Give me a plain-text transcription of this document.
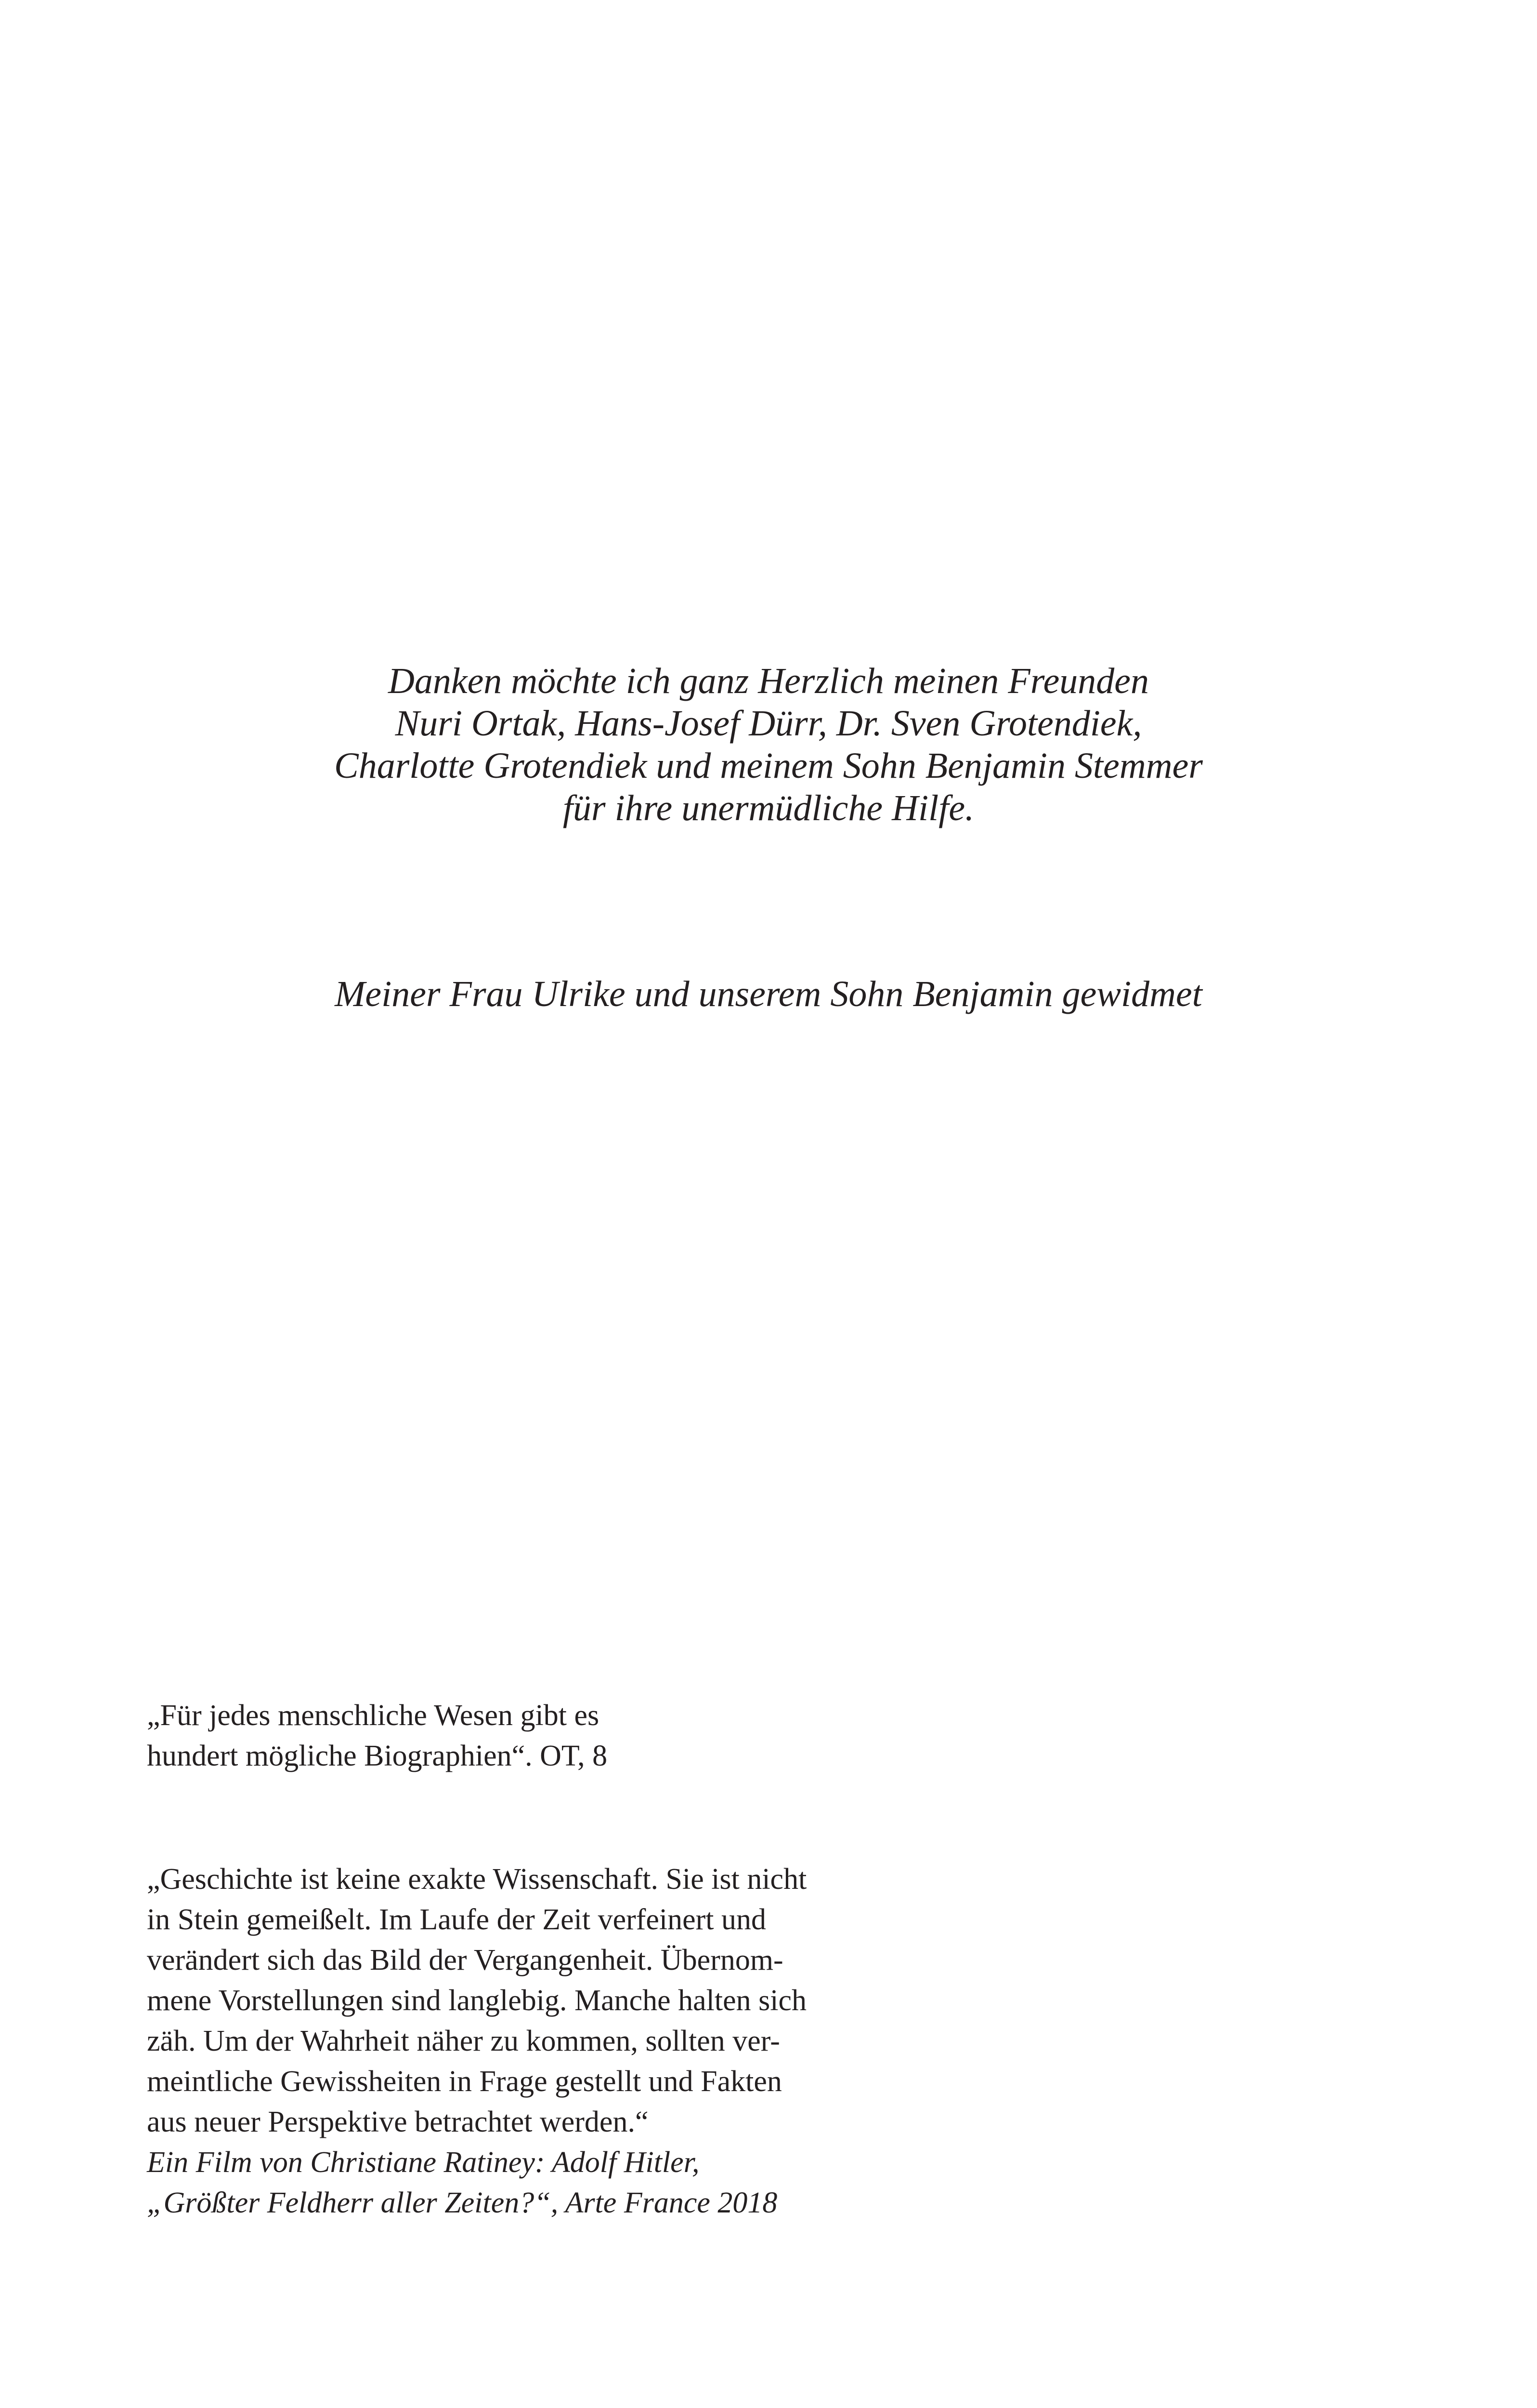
Danken möchte ich ganz Herzlich meinen Freunden
Nuri Ortak, Hans-Josef Dürr, Dr. Sven Grotendiek,
Charlotte Grotendiek und meinem Sohn Benjamin Stemmer
für ihre unermüdliche Hilfe.

Meiner Frau Ulrike und unserem Sohn Benjamin gewidmet

„Für jedes menschliche Wesen gibt es
hundert mögliche Biographien“. OT, 8

„Geschichte ist keine exakte Wissenschaft. Sie ist nicht
in Stein gemeißelt. Im Laufe der Zeit verfeinert und
verändert sich das Bild der Vergangenheit. Übernom-
mene Vorstellungen sind langlebig. Manche halten sich
zäh. Um der Wahrheit näher zu kommen, sollten ver-
meintliche Gewissheiten in Frage gestellt und Fakten
aus neuer Perspektive betrachtet werden.“
Ein Film von Christiane Ratiney: Adolf Hitler,
„Größter Feldherr aller Zeiten?“, Arte France 2018
